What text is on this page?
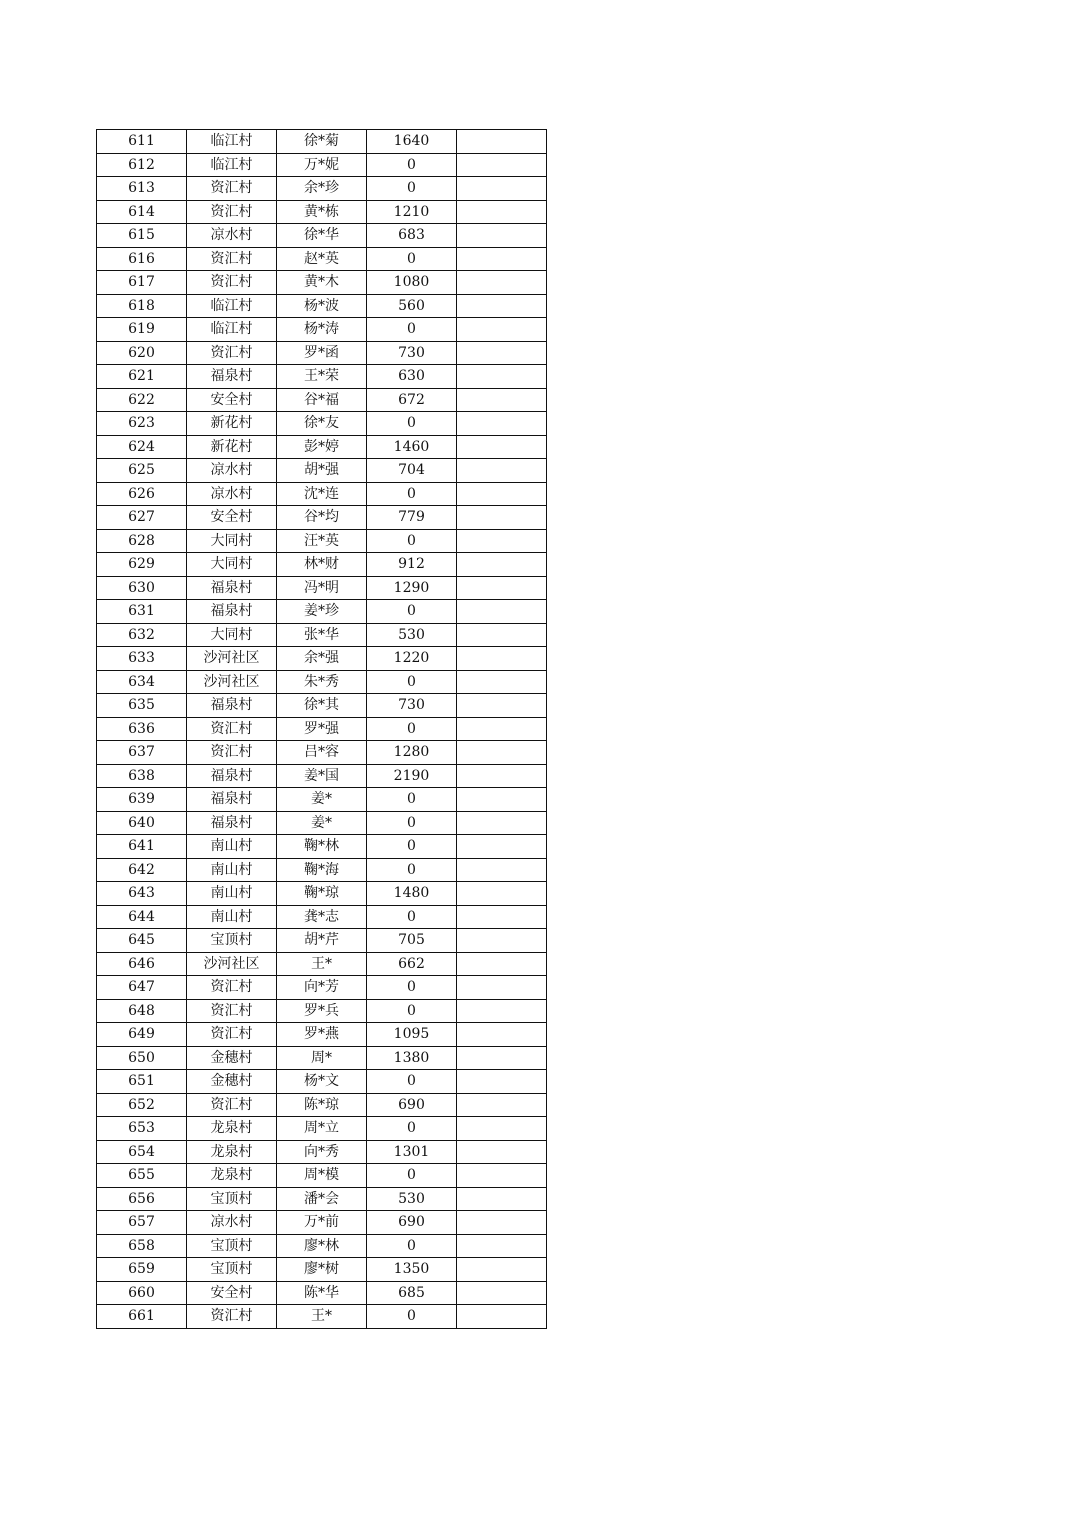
611	临江村	徐*菊	1640	
612	临江村	万*妮	0	
613	资汇村	余*珍	0	
614	资汇村	黄*栋	1210	
615	凉水村	徐*华	683	
616	资汇村	赵*英	0	
617	资汇村	黄*木	1080	
618	临江村	杨*波	560	
619	临江村	杨*涛	0	
620	资汇村	罗*函	730	
621	福泉村	王*荣	630	
622	安全村	谷*福	672	
623	新花村	徐*友	0	
624	新花村	彭*婷	1460	
625	凉水村	胡*强	704	
626	凉水村	沈*连	0	
627	安全村	谷*均	779	
628	大同村	汪*英	0	
629	大同村	林*财	912	
630	福泉村	冯*明	1290	
631	福泉村	姜*珍	0	
632	大同村	张*华	530	
633	沙河社区	余*强	1220	
634	沙河社区	朱*秀	0	
635	福泉村	徐*其	730	
636	资汇村	罗*强	0	
637	资汇村	吕*容	1280	
638	福泉村	姜*国	2190	
639	福泉村	姜*	0	
640	福泉村	姜*	0	
641	南山村	鞠*林	0	
642	南山村	鞠*海	0	
643	南山村	鞠*琼	1480	
644	南山村	龚*志	0	
645	宝顶村	胡*芹	705	
646	沙河社区	王*	662	
647	资汇村	向*芳	0	
648	资汇村	罗*兵	0	
649	资汇村	罗*燕	1095	
650	金穗村	周*	1380	
651	金穗村	杨*文	0	
652	资汇村	陈*琼	690	
653	龙泉村	周*立	0	
654	龙泉村	向*秀	1301	
655	龙泉村	周*模	0	
656	宝顶村	潘*会	530	
657	凉水村	万*前	690	
658	宝顶村	廖*林	0	
659	宝顶村	廖*树	1350	
660	安全村	陈*华	685	
661	资汇村	王*	0	
